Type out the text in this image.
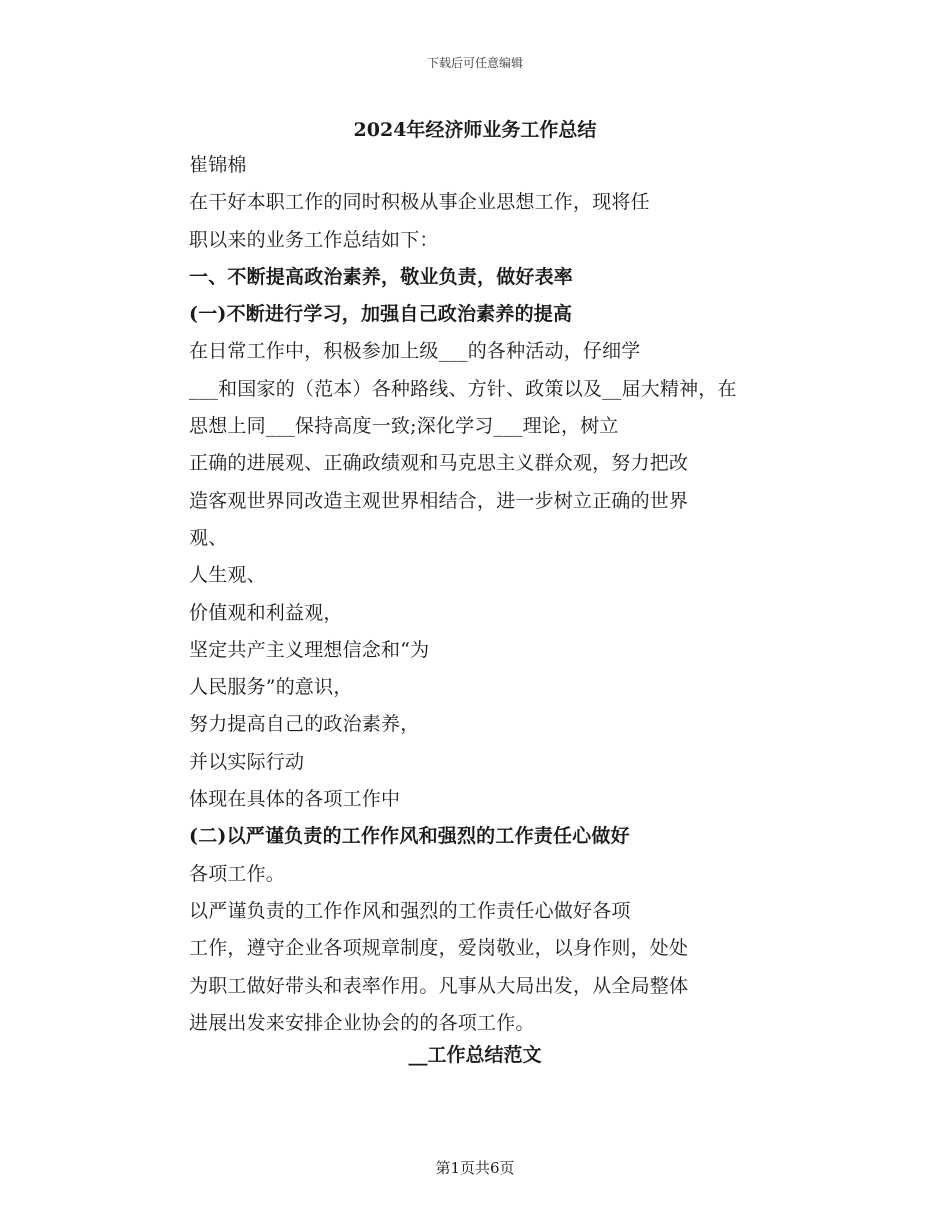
下载后可任意编辑
2024年经济师业务工作总结
崔锦棉
在干好本职工作的同时积极从事企业思想工作，现将任
职以来的业务工作总结如下：
一、不断提高政治素养，敬业负责，做好表率
(一)不断进行学习，加强自己政治素养的提高
在日常工作中，积极参加上级___的各种活动，仔细学
___和国家的（范本）各种路线、方针、政策以及__届大精神，在
思想上同___保持高度一致;深化学习___理论，树立
正确的进展观、正确政绩观和马克思主义群众观，努力把改
造客观世界同改造主观世界相结合，进一步树立正确的世界
观、
人生观、
价值观和利益观，
坚定共产主义理想信念和“为
人民服务”的意识，
努力提高自己的政治素养，
并以实际行动
体现在具体的各项工作中
(二)以严谨负责的工作作风和强烈的工作责任心做好
各项工作。
以严谨负责的工作作风和强烈的工作责任心做好各项
工作，遵守企业各项规章制度，爱岗敬业，以身作则，处处
为职工做好带头和表率作用。凡事从大局出发，从全局整体
进展出发来安排企业协会的的各项工作。
__工作总结范文
第1页共6页
